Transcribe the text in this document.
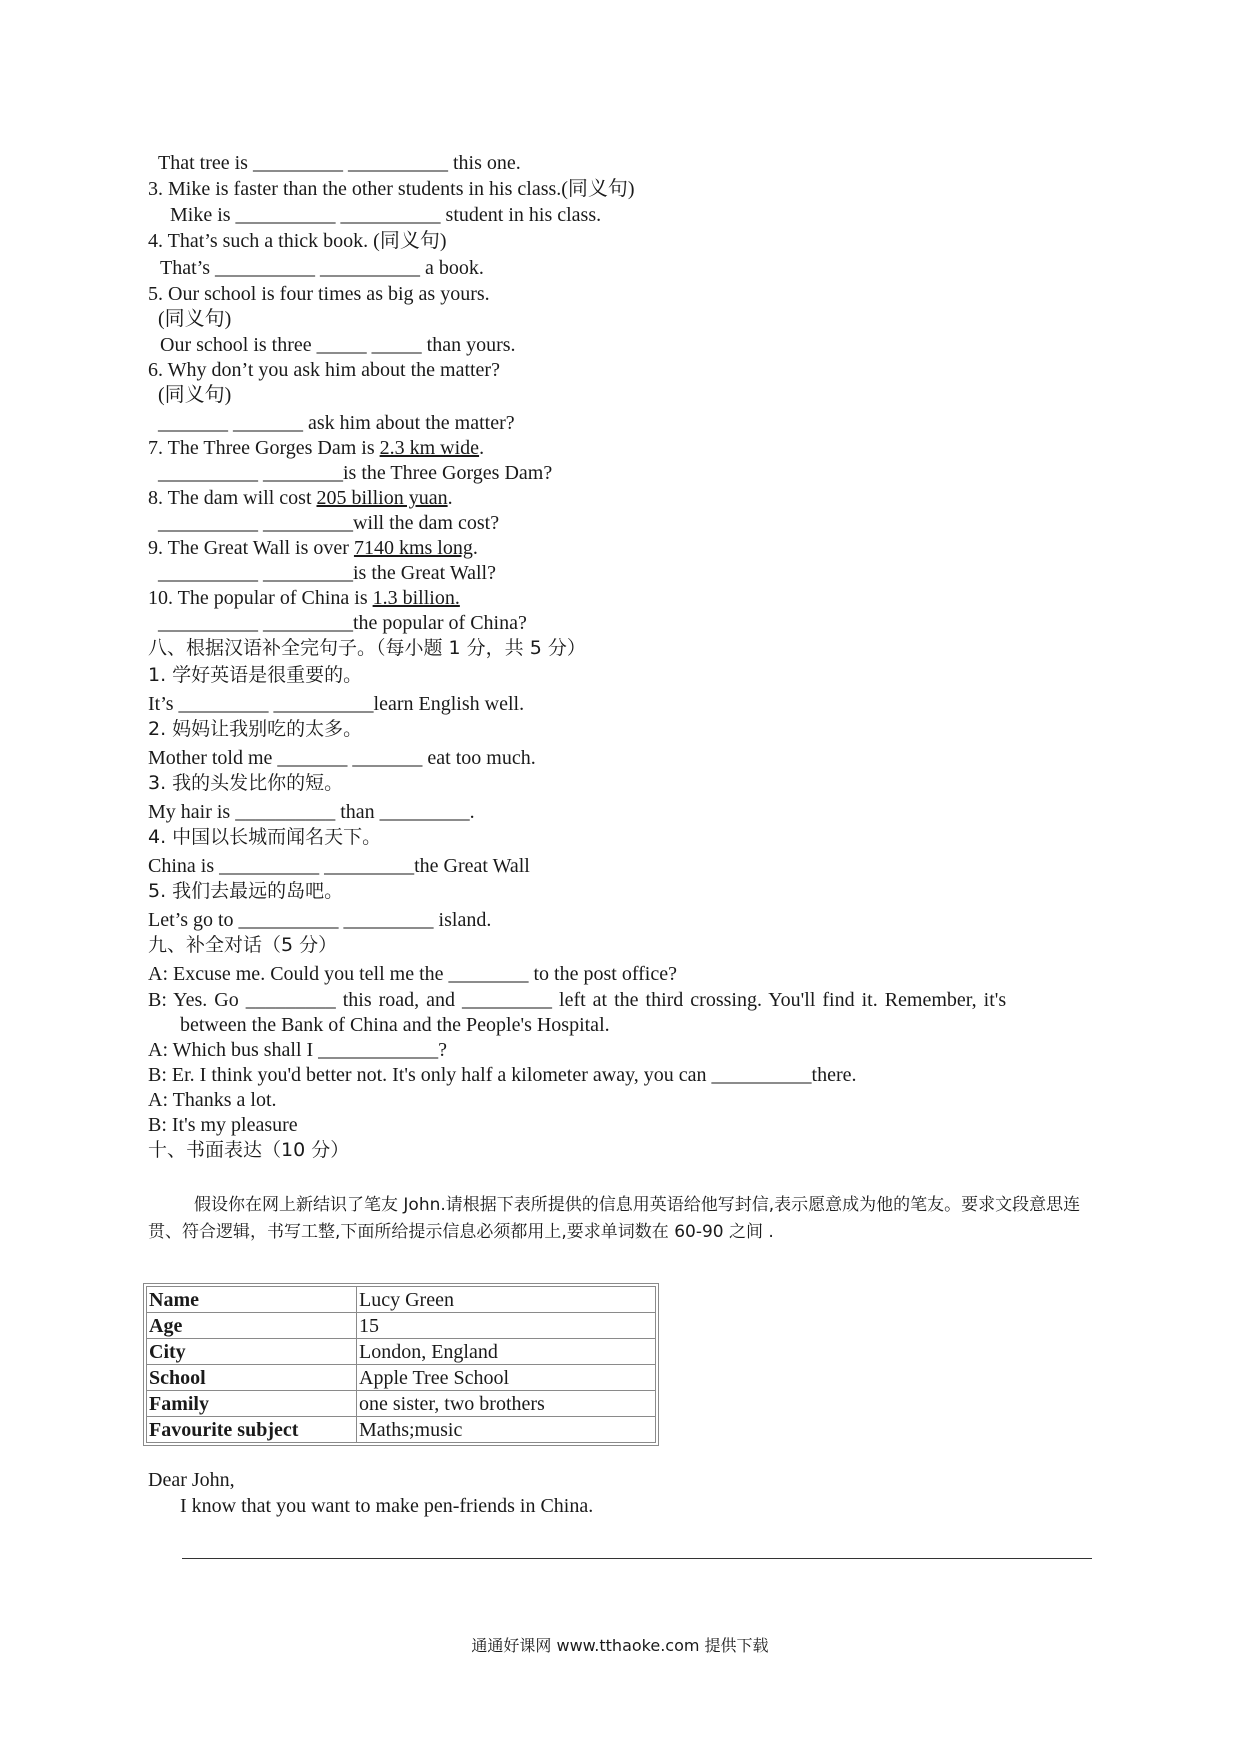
That tree is _________ __________ this one.
3. Mike is faster than the other students in his class.(同义句)
Mike is __________ __________ student in his class.
4. That’s such a thick book. (同义句)
That’s __________ __________ a book.
5. Our school is four times as big as yours.
(同义句)
Our school is three _____ _____ than yours.
6. Why don’t you ask him about the matter?
(同义句)
_______ _______ ask him about the matter?
7. The Three Gorges Dam is 2.3 km wide.
__________ ________is the Three Gorges Dam?
8. The dam will cost 205 billion yuan.
__________ _________will the dam cost?
9. The Great Wall is over 7140 kms long.
__________ _________is the Great Wall?
10. The popular of China is 1.3 billion.
__________ _________the popular of China?
八、根据汉语补全完句子。（每小题 1 分，共 5 分）
1. 学好英语是很重要的。
It’s _________ __________learn English well.
2. 妈妈让我别吃的太多。
Mother told me _______ _______ eat too much.
3. 我的头发比你的短。
My hair is __________ than _________.
4. 中国以长城而闻名天下。
China is __________ _________the Great Wall
5. 我们去最远的岛吧。
Let’s go to __________ _________ island.
九、补全对话（5 分）
A: Excuse me. Could you tell me the ________ to the post office?
B: Yes. Go _________ this road, and _________ left at the third crossing. You'll find it. Remember, it's
between the Bank of China and the People's Hospital.
A: Which bus shall I ____________?
B: Er. I think you'd better not. It's only half a kilometer away, you can __________there.
A: Thanks a lot.
B: It's my pleasure
十、书面表达（10 分）
假设你在网上新结识了笔友 John.请根据下表所提供的信息用英语给他写封信,表示愿意成为他的笔友。要求文段意思连贯、符合逻辑，书写工整,下面所给提示信息必须都用上,要求单词数在 60-90 之间 .
Name	Lucy Green
Age	15
City	London, England
School	Apple Tree School
Family	one sister, two brothers
Favourite subject	Maths;music
Dear John,
I know that you want to make pen-friends in China.
通通好课网 www.tthaoke.com 提供下载
